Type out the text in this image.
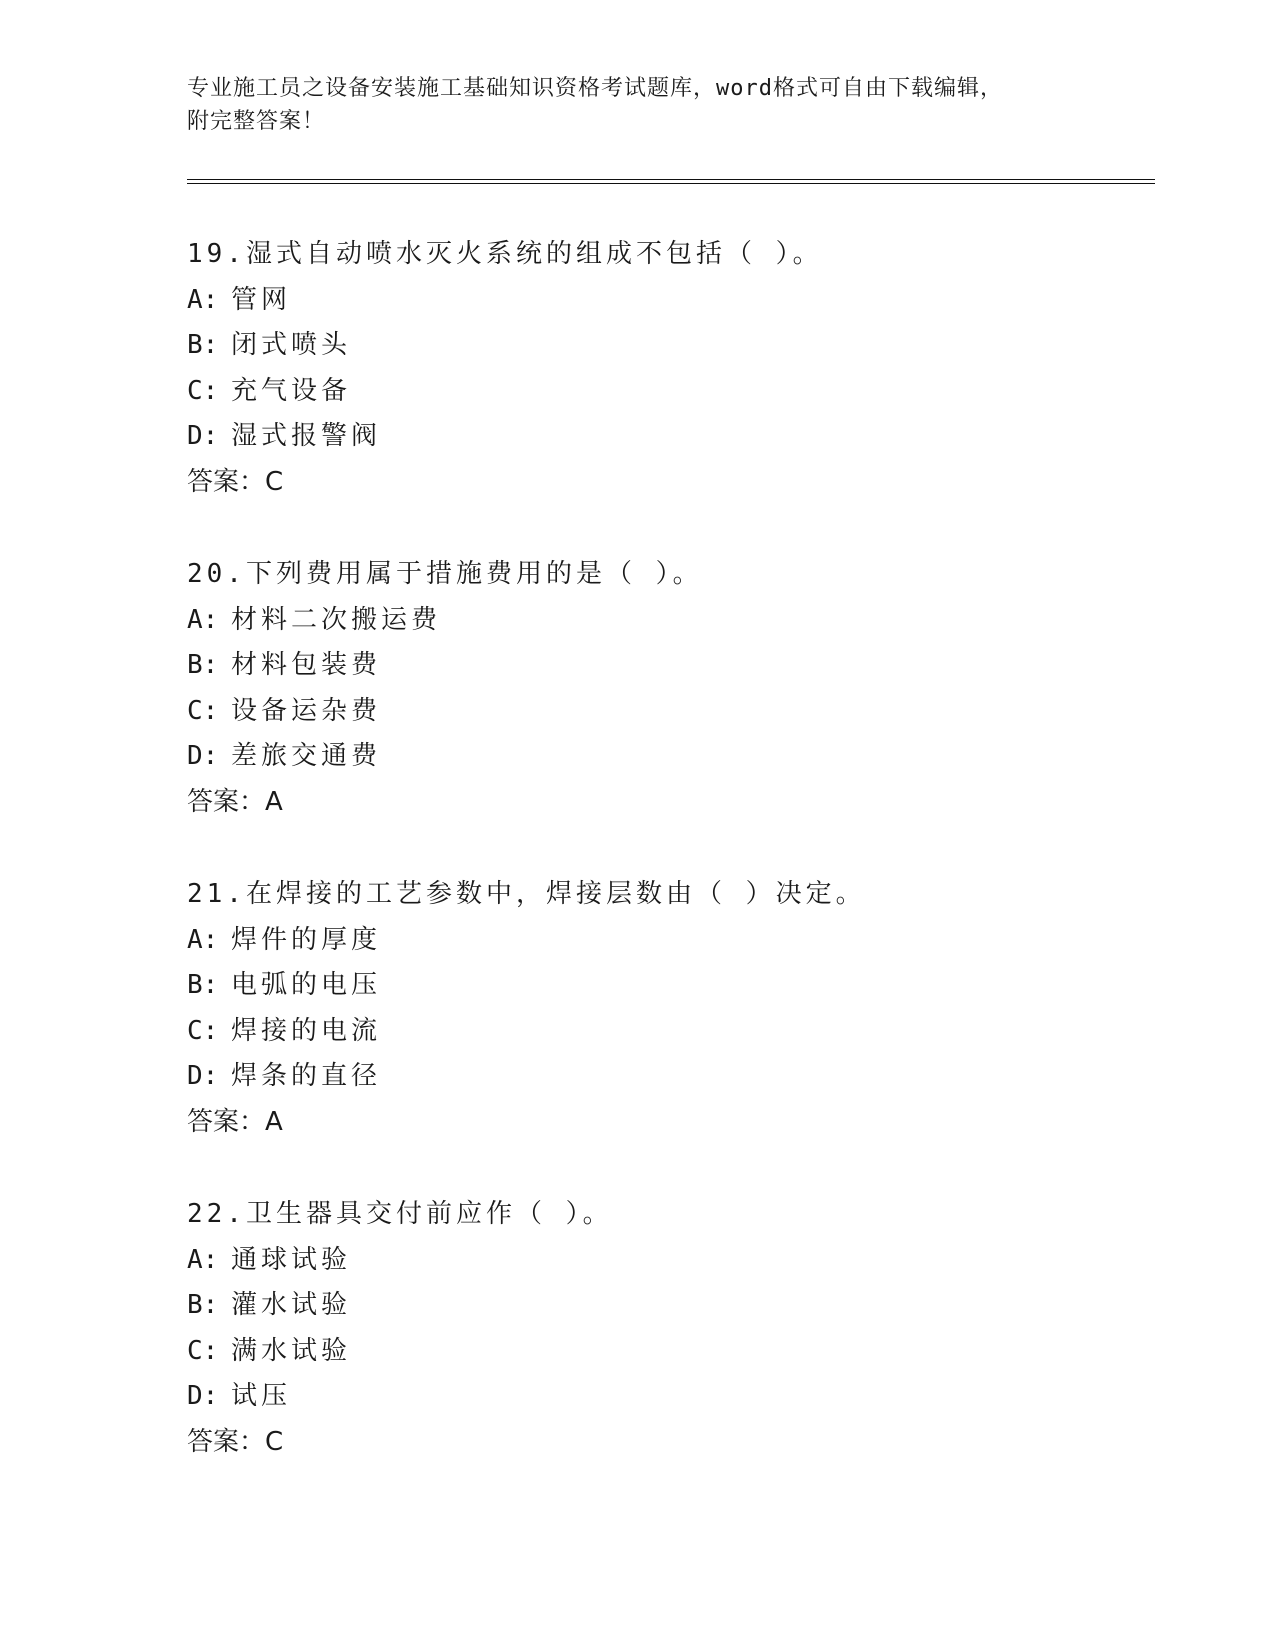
专业施工员之设备安装施工基础知识资格考试题库，word格式可自由下载编辑，
附完整答案！
19.湿式自动喷水灭火系统的组成不包括（ ）。
A: 管网
B: 闭式喷头
C: 充气设备
D: 湿式报警阀
答案：C
20.下列费用属于措施费用的是（ ）。
A: 材料二次搬运费
B: 材料包装费
C: 设备运杂费
D: 差旅交通费
答案：A
21.在焊接的工艺参数中，焊接层数由（ ）决定。
A: 焊件的厚度
B: 电弧的电压
C: 焊接的电流
D: 焊条的直径
答案：A
22.卫生器具交付前应作（ ）。
A: 通球试验
B: 灌水试验
C: 满水试验
D: 试压
答案：C
